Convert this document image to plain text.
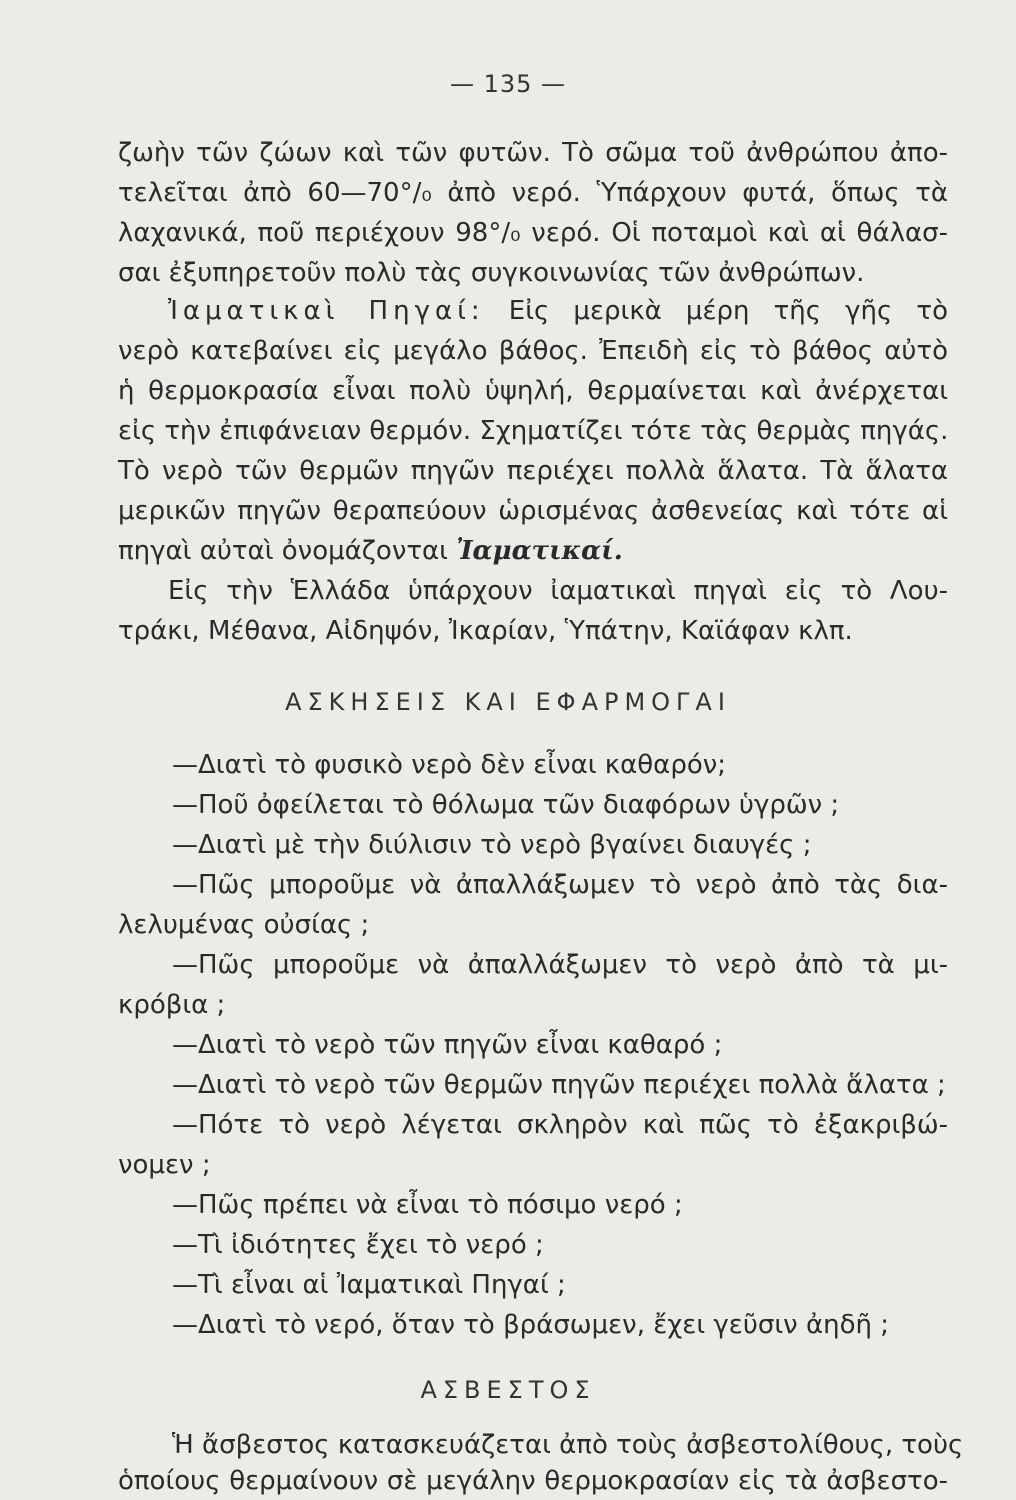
— 135 —
ζωὴν τῶν ζώων καὶ τῶν φυτῶν. Τὸ σῶμα τοῦ ἀνθρώπου ἀπο-
τελεῖται ἀπὸ 60—70°/₀ ἀπὸ νερό. Ὑπάρχουν φυτά, ὅπως τὰ
λαχανικά, ποῦ περιέχουν 98°/₀ νερό. Οἱ ποταμοὶ καὶ αἱ θάλασ-
σαι ἐξυπηρετοῦν πολὺ τὰς συγκοινωνίας τῶν ἀνθρώπων.
Ἰαματικαὶ Πηγαί: Εἰς μερικὰ μέρη τῆς γῆς τὸ
νερὸ κατεβαίνει εἰς μεγάλο βάθος. Ἐπειδὴ εἰς τὸ βάθος αὐτὸ
ἡ θερμοκρασία εἶναι πολὺ ὑψηλή, θερμαίνεται καὶ ἀνέρχεται
εἰς τὴν ἐπιφάνειαν θερμόν. Σχηματίζει τότε τὰς θερμὰς πηγάς.
Τὸ νερὸ τῶν θερμῶν πηγῶν περιέχει πολλὰ ἅλατα. Τὰ ἅλατα
μερικῶν πηγῶν θεραπεύουν ὡρισμένας ἀσθενείας καὶ τότε αἱ
πηγαὶ αὐταὶ ὀνομάζονται Ἰαματικαί.
Εἰς τὴν Ἑλλάδα ὑπάρχουν ἰαματικαὶ πηγαὶ εἰς τὸ Λου-
τράκι, Μέθανα, Αἰδηψόν, Ἰκαρίαν, Ὑπάτην, Καϊάφαν κλπ.
ΑΣΚΗΣΕΙΣ ΚΑΙ ΕΦΑΡΜΟΓΑΙ
—Διατὶ τὸ φυσικὸ νερὸ δὲν εἶναι καθαρόν;
—Ποῦ ὀφείλεται τὸ θόλωμα τῶν διαφόρων ὑγρῶν ;
—Διατὶ μὲ τὴν διύλισιν τὸ νερὸ βγαίνει διαυγές ;
—Πῶς μποροῦμε νὰ ἀπαλλάξωμεν τὸ νερὸ ἀπὸ τὰς δια-
λελυμένας οὐσίας ;
—Πῶς μποροῦμε νὰ ἀπαλλάξωμεν τὸ νερὸ ἀπὸ τὰ μι-
κρόβια ;
—Διατὶ τὸ νερὸ τῶν πηγῶν εἶναι καθαρό ;
—Διατὶ τὸ νερὸ τῶν θερμῶν πηγῶν περιέχει πολλὰ ἅλατα ;
—Πότε τὸ νερὸ λέγεται σκληρὸν καὶ πῶς τὸ ἐξακριβώ-
νομεν ;
—Πῶς πρέπει νὰ εἶναι τὸ πόσιμο νερό ;
—Τὶ ἰδιότητες ἔχει τὸ νερό ;
—Τὶ εἶναι αἱ Ἰαματικαὶ Πηγαί ;
—Διατὶ τὸ νερό, ὅταν τὸ βράσωμεν, ἔχει γεῦσιν ἀηδῆ ;
ΑΣΒΕΣΤΟΣ
Ἡ ἄσβεστος κατασκευάζεται ἀπὸ τοὺς ἀσβεστολίθους, τοὺς
ὁποίους θερμαίνουν σὲ μεγάλην θερμοκρασίαν εἰς τὰ ἀσβεστο-
